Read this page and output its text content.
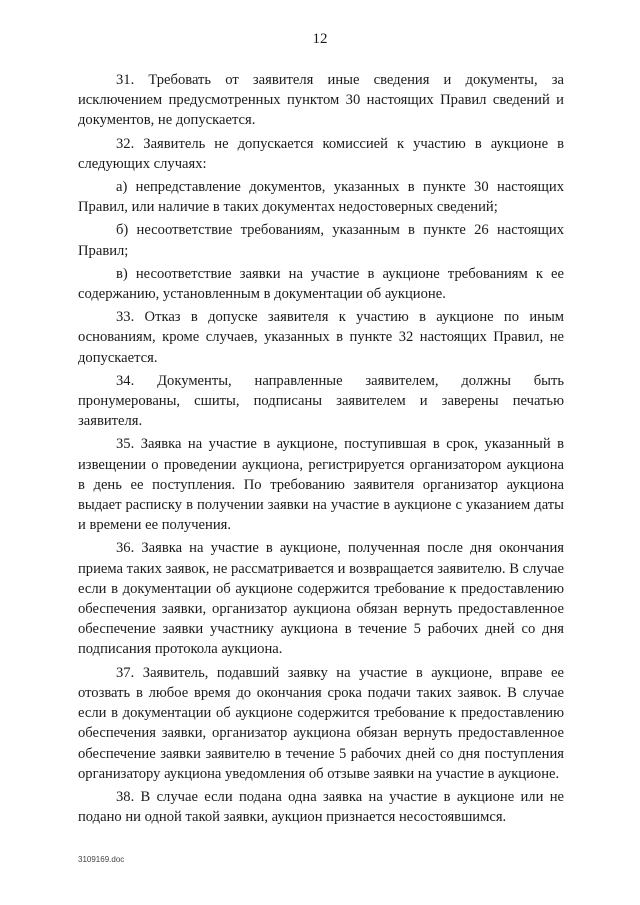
12

31. Требовать от заявителя иные сведения и документы, за исключением предусмотренных пунктом 30 настоящих Правил сведений и документов, не допускается.

32. Заявитель не допускается комиссией к участию в аукционе в следующих случаях:

а) непредставление документов, указанных в пункте 30 настоящих Правил, или наличие в таких документах недостоверных сведений;

б) несоответствие требованиям, указанным в пункте 26 настоящих Правил;

в) несоответствие заявки на участие в аукционе требованиям к ее содержанию, установленным в документации об аукционе.

33. Отказ в допуске заявителя к участию в аукционе по иным основаниям, кроме случаев, указанных в пункте 32 настоящих Правил, не допускается.

34. Документы, направленные заявителем, должны быть пронумерованы, сшиты, подписаны заявителем и заверены печатью заявителя.

35. Заявка на участие в аукционе, поступившая в срок, указанный в извещении о проведении аукциона, регистрируется организатором аукциона в день ее поступления. По требованию заявителя организатор аукциона выдает расписку в получении заявки на участие в аукционе с указанием даты и времени ее получения.

36. Заявка на участие в аукционе, полученная после дня окончания приема таких заявок, не рассматривается и возвращается заявителю. В случае если в документации об аукционе содержится требование к предоставлению обеспечения заявки, организатор аукциона обязан вернуть предоставленное обеспечение заявки участнику аукциона в течение 5 рабочих дней со дня подписания протокола аукциона.

37. Заявитель, подавший заявку на участие в аукционе, вправе ее отозвать в любое время до окончания срока подачи таких заявок. В случае если в документации об аукционе содержится требование к предоставлению обеспечения заявки, организатор аукциона обязан вернуть предоставленное обеспечение заявки заявителю в течение 5 рабочих дней со дня поступления организатору аукциона уведомления об отзыве заявки на участие в аукционе.

38. В случае если подана одна заявка на участие в аукционе или не подано ни одной такой заявки, аукцион признается несостоявшимся.

3109169.doc
